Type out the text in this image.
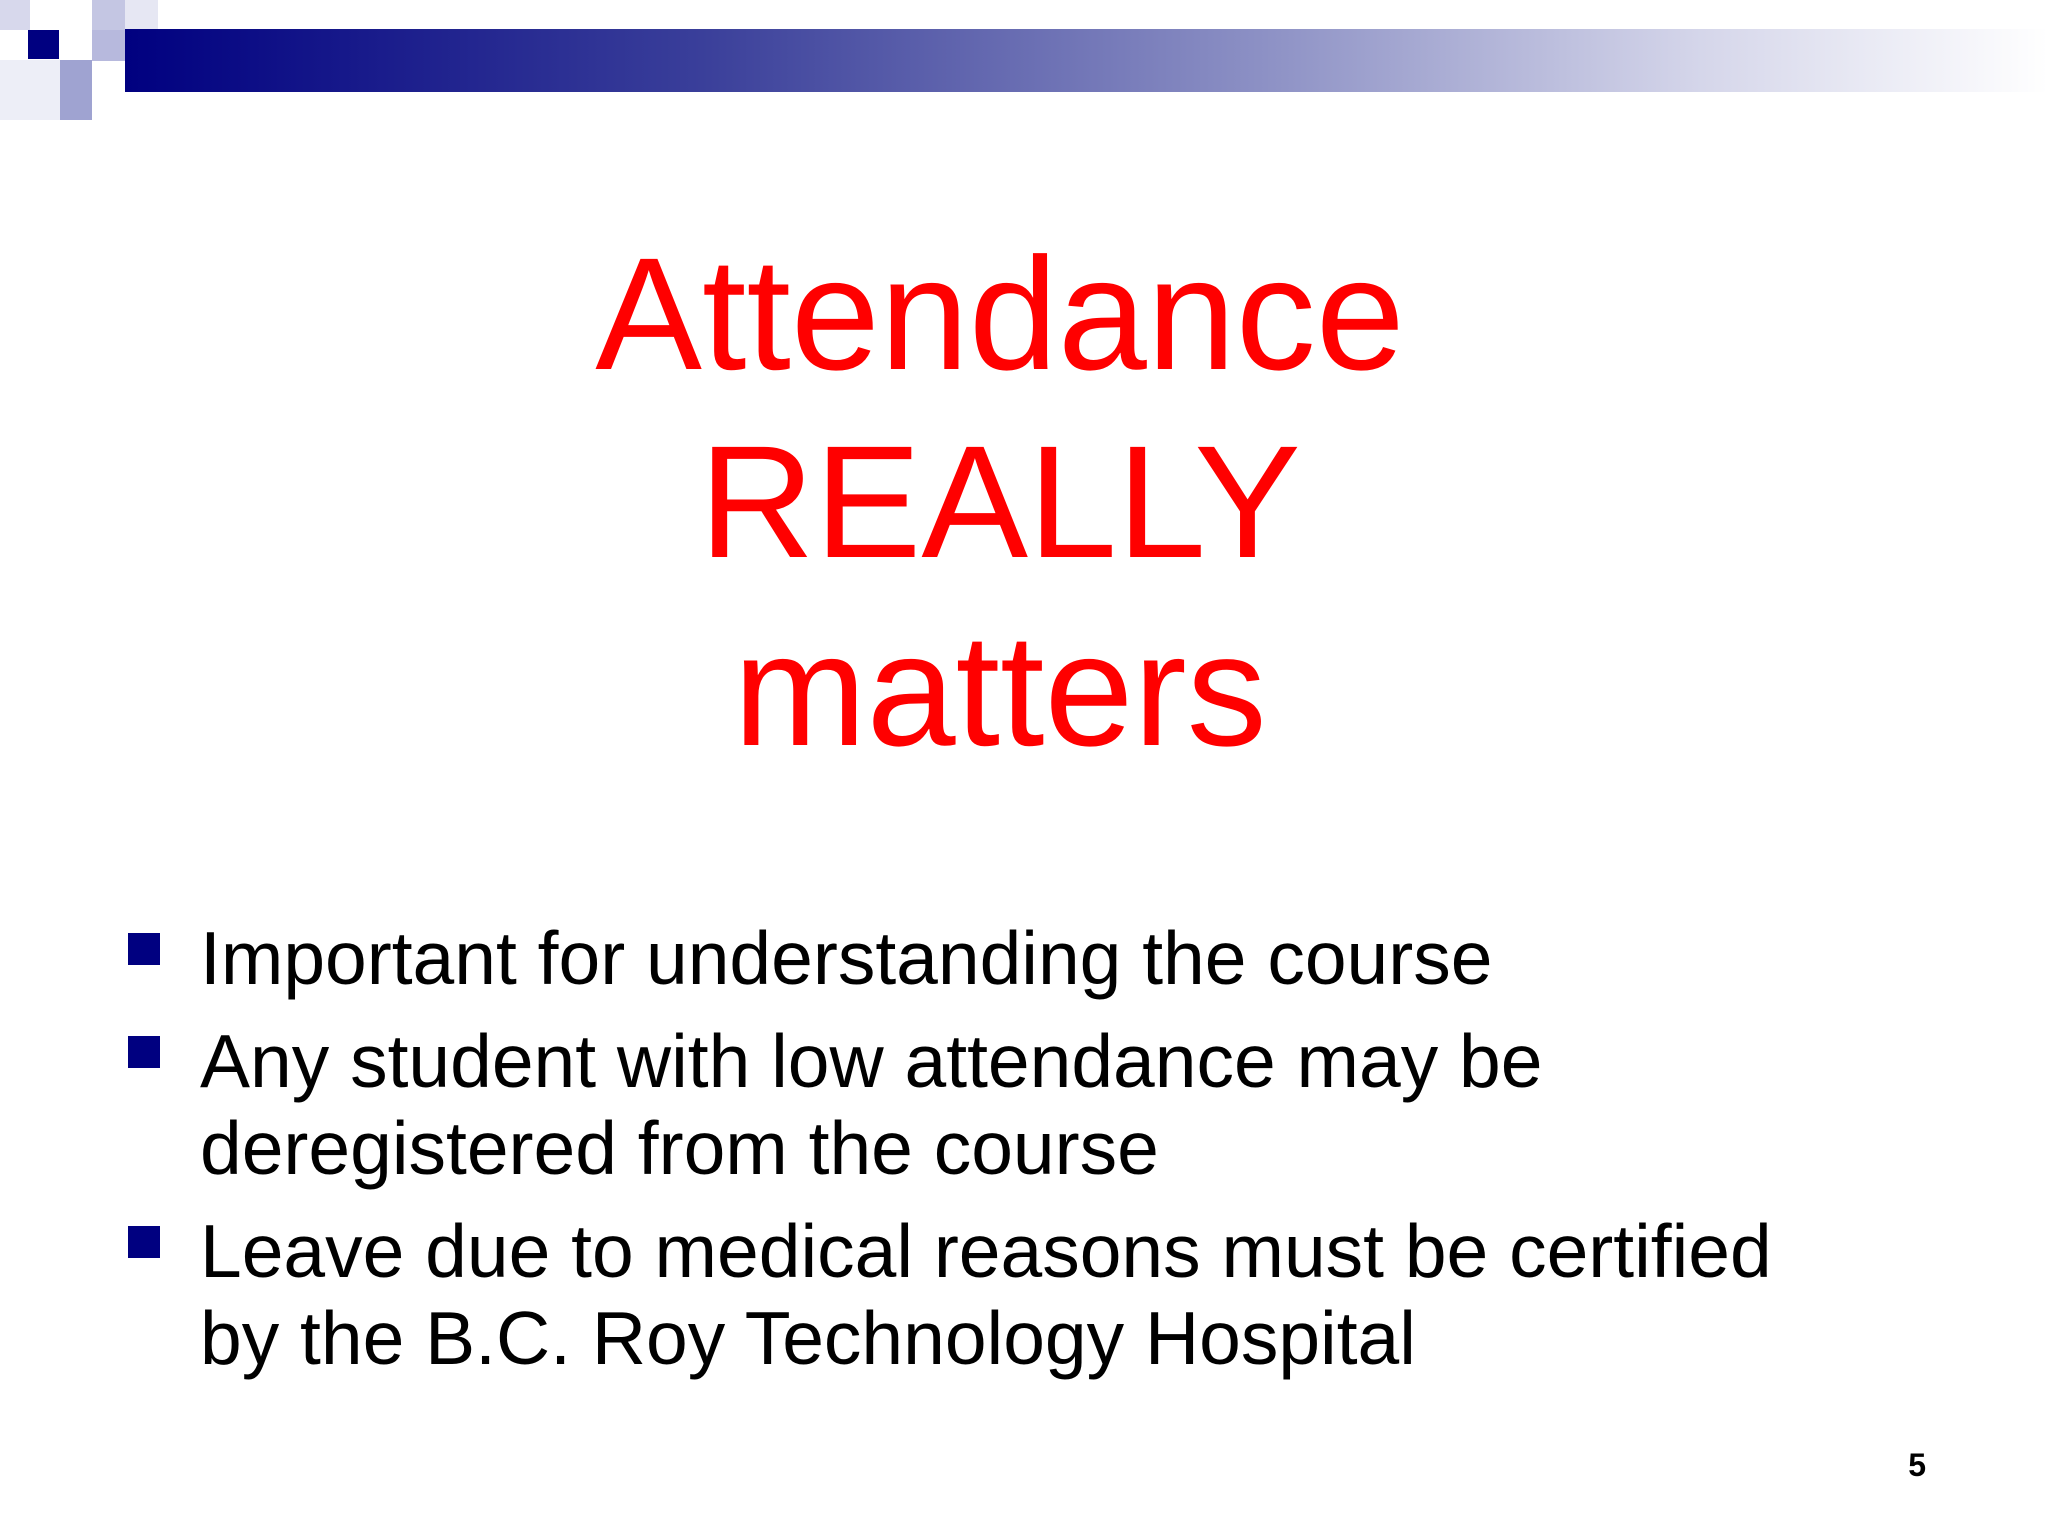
Attendance
REALLY
matters
Important for understanding the course
Any student with low attendance may be
deregistered from the course
Leave due to medical reasons must be certified
by the B.C. Roy Technology Hospital
5
